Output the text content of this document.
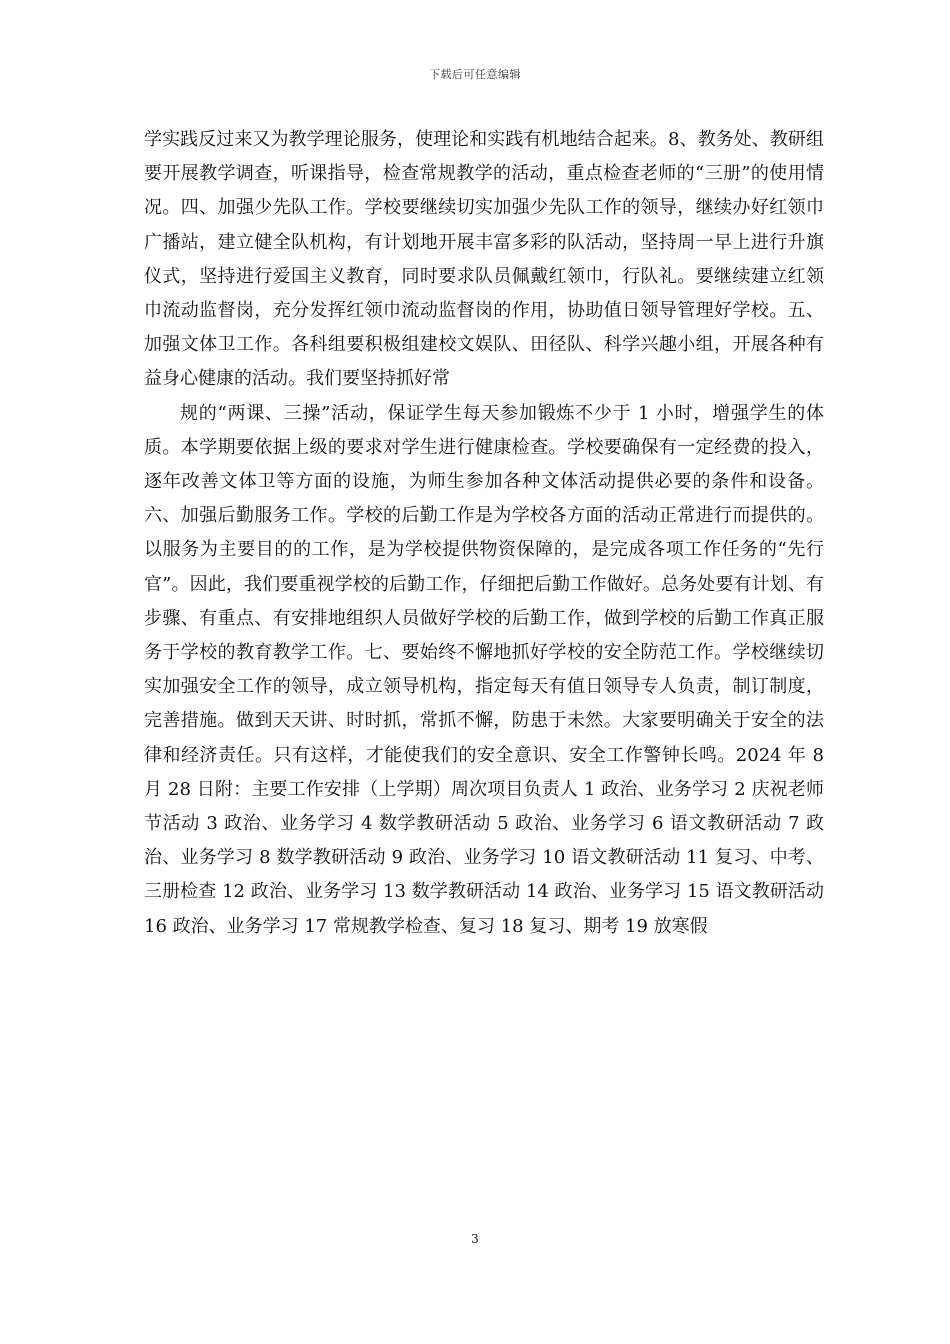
下载后可任意编辑

学实践反过来又为教学理论服务，使理论和实践有机地结合起来。8、教务处、教研组要开展教学调查，听课指导，检查常规教学的活动，重点检查老师的“三册”的使用情况。四、加强少先队工作。学校要继续切实加强少先队工作的领导，继续办好红领巾广播站，建立健全队机构，有计划地开展丰富多彩的队活动，坚持周一早上进行升旗仪式，坚持进行爱国主义教育，同时要求队员佩戴红领巾，行队礼。要继续建立红领巾流动监督岗，充分发挥红领巾流动监督岗的作用，协助值日领导管理好学校。五、加强文体卫工作。各科组要积极组建校文娱队、田径队、科学兴趣小组，开展各种有益身心健康的活动。我们要坚持抓好常

规的“两课、三操”活动，保证学生每天参加锻炼不少于 1 小时，增强学生的体质。本学期要依据上级的要求对学生进行健康检查。学校要确保有一定经费的投入，逐年改善文体卫等方面的设施，为师生参加各种文体活动提供必要的条件和设备。六、加强后勤服务工作。学校的后勤工作是为学校各方面的活动正常进行而提供的。以服务为主要目的的工作，是为学校提供物资保障的，是完成各项工作任务的“先行官”。因此，我们要重视学校的后勤工作，仔细把后勤工作做好。总务处要有计划、有步骤、有重点、有安排地组织人员做好学校的后勤工作，做到学校的后勤工作真正服务于学校的教育教学工作。七、要始终不懈地抓好学校的安全防范工作。学校继续切实加强安全工作的领导，成立领导机构，指定每天有值日领导专人负责，制订制度，完善措施。做到天天讲、时时抓，常抓不懈，防患于未然。大家要明确关于安全的法律和经济责任。只有这样，才能使我们的安全意识、安全工作警钟长鸣。2024 年 8 月 28 日附：主要工作安排（上学期）周次项目负责人 1 政治、业务学习 2 庆祝老师节活动 3 政治、业务学习 4 数学教研活动 5 政治、业务学习 6 语文教研活动 7 政治、业务学习 8 数学教研活动 9 政治、业务学习 10 语文教研活动 11 复习、中考、三册检查 12 政治、业务学习 13 数学教研活动 14 政治、业务学习 15 语文教研活动 16 政治、业务学习 17 常规教学检查、复习 18 复习、期考 19 放寒假

3
